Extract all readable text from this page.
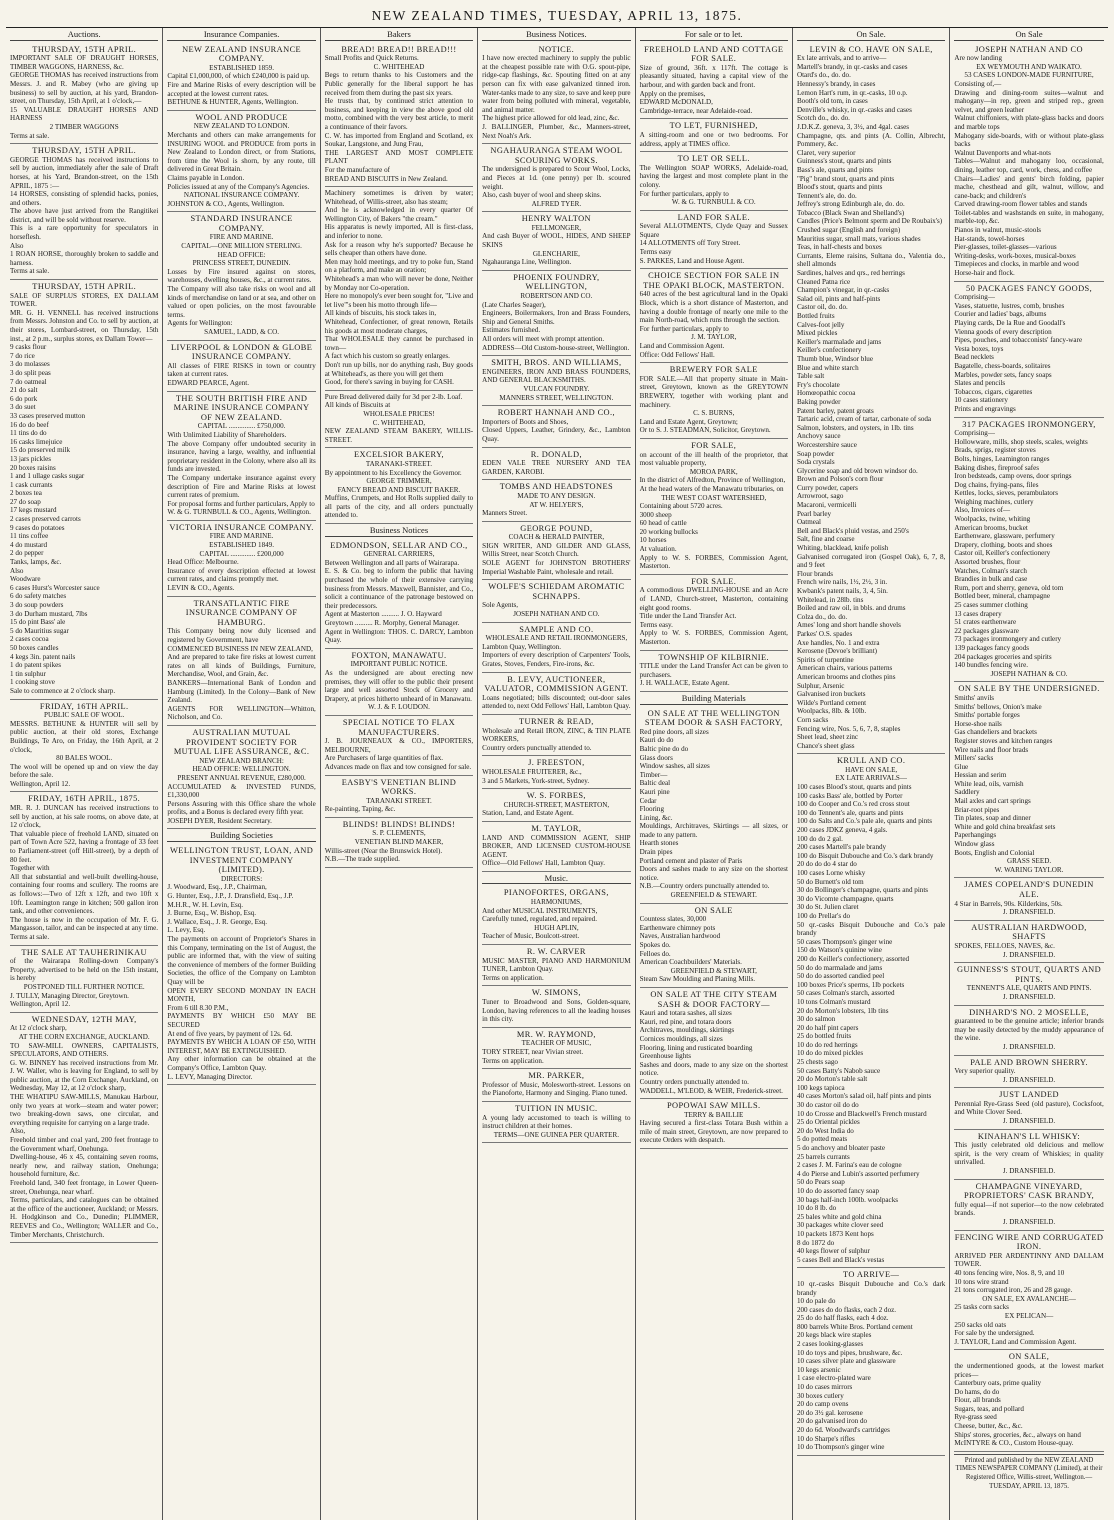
NEW ZEALAND TIMES, TUESDAY, APRIL 13, 1875.
Auctions.
THURSDAY, 15TH APRIL.
IMPORTANT SALE OF DRAUGHT HORSES, TIMBER WAGGONS, HARNESS, &c.
GEORGE THOMAS has received instructions from Messrs. J. and R. Mabey (who are giving up business) to sell by auction, at his yard, Brandon-street, on Thursday, 15th April, at 1 o'clock,—
15 VALUABLE DRAUGHT HORSES AND HARNESS
2 TIMBER WAGGONS
Terms at sale.
THURSDAY, 15TH APRIL.
GEORGE THOMAS has received instructions to sell by auction, immediately after the sale of Draft horses, at his Yard, Brandon-street, on the 15th APRIL, 1875 :—
14 HORSES, consisting of splendid hacks, ponies, and others.
The above have just arrived from the Rangitikei district, and will be sold without reserve.
This is a rare opportunity for speculators in horseflesh.
Also
1 ROAN HORSE, thoroughly broken to saddle and harness.
Terms at sale.
THURSDAY, 15TH APRIL.
SALE OF SURPLUS STORES, EX DALLAM TOWER.
MR. G. H. VENNELL has received instructions from Messrs. Johnston and Co. to sell by auction, at their stores, Lombard-street, on Thursday, 15th inst., at 2 p.m., surplus stores, ex Dallam Tower—
9 casks flour
7 do rice
3 do molasses
3 do split peas
7 do oatmeal
21 do salt
6 do pork
3 do suet
33 cases preserved mutton
16 do do beef
11 tins do do
16 casks limejuice
15 do preserved milk
13 jars pickles
20 boxes raisins
1 and 1 ullage casks sugar
1 cask currants
2 boxes tea
27 do soap
17 kegs mustard
2 cases preserved carrots
9 cases do potatoes
11 tins coffee
4 do mustard
2 do pepper
Tanks, lamps, &c.
Also
Woodware
6 cases Hurst's Worcester sauce
6 do safety matches
3 do soup powders
3 do Durham mustard, 7lbs
15 do pint Bass' ale
5 do Mauritius sugar
2 cases cocoa
50 boxes candles
4 kegs 3in. patent nails
1 do patent spikes
1 tin sulphur
1 cooking stove
Sale to commence at 2 o'clock sharp.
FRIDAY, 16TH APRIL.
PUBLIC SALE OF WOOL.
MESSRS. BETHUNE & HUNTER will sell by public auction, at their old stores, Exchange Buildings, Te Aro, on Friday, the 16th April, at 2 o'clock,
80 BALES WOOL.
The wool will be opened up and on view the day before the sale.
Wellington, April 12.
FRIDAY, 16TH APRIL, 1875.
MR. R. J. DUNCAN has received instructions to sell by auction, at his sale rooms, on above date, at 12 o'clock,
That valuable piece of freehold LAND, situated on part of Town Acre 522, having a frontage of 33 feet to Parliament-street (off Hill-street), by a depth of 80 feet.
Together with
All that substantial and well-built dwelling-house, containing four rooms and scullery. The rooms are as follows:—Two of 12ft x 12ft, and two 10ft x 10ft. Leamington range in kitchen; 500 gallon iron tank, and other conveniences.
The house is now in the occupation of Mr. F. G. Mangasson, tailor, and can be inspected at any time.
Terms at sale.
THE SALE AT TAUHERINIKAU
of the Wairarapa Rolling-down Company's Property, advertised to be held on the 15th instant, is hereby
POSTPONED TILL FURTHER NOTICE.
J. TULLY, Managing Director, Greytown.
Wellington, April 12.
WEDNESDAY, 12TH MAY,
At 12 o'clock sharp,
AT THE CORN EXCHANGE, AUCKLAND.
TO SAW-MILL OWNERS, CAPITALISTS, SPECULATORS, AND OTHERS.
G. W. BINNEY has received instructions from Mr. J. W. Waller, who is leaving for England, to sell by public auction, at the Corn Exchange, Auckland, on Wednesday, May 12, at 12 o'clock sharp,
THE WHATIPU SAW-MILLS, Manukau Harbour, only two years at work—steam and water power; two breaking-down saws, one circular, and everything requisite for carrying on a large trade.
Also,
Freehold timber and coal yard, 200 feet frontage to the Government wharf, Onehunga.
Dwelling-house, 46 x 45, containing seven rooms, nearly new, and railway station, Onehunga; household furniture, &c.
Freehold land, 340 feet frontage, in Lower Queen-street, Onehunga, near wharf.
Terms, particulars, and catalogues can be obtained at the office of the auctioneer, Auckland; or Messrs. H. Hodgkinson and Co., Dunedin; PLIMMER, REEVES and Co., Wellington; WALLER and Co., Timber Merchants, Christchurch.
Insurance Companies.
NEW ZEALAND INSURANCE COMPANY.
ESTABLISHED 1859.
Capital £1,000,000, of which £240,000 is paid up.
Fire and Marine Risks of every description will be accepted at the lowest current rates.
BETHUNE & HUNTER, Agents, Wellington.
WOOL AND PRODUCE
NEW ZEALAND TO LONDON.
Merchants and others can make arrangements for INSURING WOOL and PRODUCE from ports in New Zealand to London direct, or from Stations, from time the Wool is shorn, by any route, till delivered in Great Britain.
Claims payable in London.
Policies issued at any of the Company's Agencies.
NATIONAL INSURANCE COMPANY.
JOHNSTON & CO., Agents, Wellington.
STANDARD INSURANCE COMPANY.
FIRE AND MARINE.
CAPITAL—ONE MILLION STERLING.
HEAD OFFICE:
PRINCESS STREET, DUNEDIN.
Losses by Fire insured against on stores, warehouses, dwelling houses, &c., at current rates.
The Company will also take risks on wool and all kinds of merchandise on land or at sea, and other on valued or open policies, on the most favourable terms.
Agents for Wellington:
SAMUEL, LADD, & CO.
LIVERPOOL & LONDON & GLOBE INSURANCE COMPANY.
All classes of FIRE RISKS in town or country taken at current rates.
EDWARD PEARCE, Agent.
THE SOUTH BRITISH FIRE AND MARINE INSURANCE COMPANY OF NEW ZEALAND.
CAPITAL ............... £750,000.
With Unlimited Liability of Shareholders.
The above Company offer undoubted security in insurance, having a large, wealthy, and influential proprietary resident in the Colony, where also all its funds are invested.
The Company undertake insurance against every description of Fire and Marine Risks at lowest current rates of premium.
For proposal forms and further particulars, Apply to
W. & G. TURNBULL & CO., Agents, Wellington.
VICTORIA INSURANCE COMPANY.
FIRE AND MARINE.
ESTABLISHED 1849.
CAPITAL .............. £200,000
Head Office: Melbourne.
Insurance of every description effected at lowest current rates, and claims promptly met.
LEVIN & CO., Agents.
TRANSATLANTIC FIRE INSURANCE COMPANY OF HAMBURG.
This Company being now duly licensed and registered by Government, have
COMMENCED BUSINESS IN NEW ZEALAND,
And are prepared to take fire risks at lowest current rates on all kinds of Buildings, Furniture, Merchandise, Wool, and Grain, &c.
BANKERS—International Bank of London and Hamburg (Limited). In the Colony—Bank of New Zealand.
AGENTS FOR WELLINGTON—Whitton, Nicholson, and Co.
AUSTRALIAN MUTUAL PROVIDENT SOCIETY FOR MUTUAL LIFE ASSURANCE, &C.
NEW ZEALAND BRANCH:
HEAD OFFICE: WELLINGTON.
PRESENT ANNUAL REVENUE, £280,000.
ACCUMULATED & INVESTED FUNDS, £1,330,000
Persons Assuring with this Office share the whole profits, and a Bonus is declared every fifth year.
JOSEPH DYER, Resident Secretary.
Building Societies
WELLINGTON TRUST, LOAN, AND INVESTMENT COMPANY (LIMITED).
DIRECTORS:
J. Woodward, Esq., J.P., Chairman,
G. Hunter, Esq., J.P., J. Dransfield, Esq., J.P.
M.H.R., W. H. Levin, Esq.
J. Burne, Esq., W. Bishop, Esq.
J. Wallace, Esq., J. R. George, Esq.
L. Levy, Esq.
The payments on account of Proprietor's Shares in this Company, terminating on the 1st of August, the public are informed that, with the view of suiting the convenience of members of the former Building Societies, the office of the Company on Lambton Quay will be
OPEN EVERY SECOND MONDAY IN EACH MONTH,
From 6 till 8.30 P.M.,
PAYMENTS BY WHICH £50 MAY BE SECURED
At end of five years, by payment of 12s. 6d.
PAYMENTS BY WHICH A LOAN OF £50, WITH INTEREST, MAY BE EXTINGUISHED.
Any other information can be obtained at the Company's Office, Lambton Quay.
L. LEVY, Managing Director.
Bakers
BREAD! BREAD!! BREAD!!!
Small Profits and Quick Returns.
C. WHITEHEAD
Begs to return thanks to his Customers and the Public generally for the liberal support he has received from them during the past six years.
He trusts that, by continued strict attention to business, and keeping in view the above good old motto, combined with the very best article, to merit a continuance of their favors.
C. W. has imported from England and Scotland, ex Soukar, Langstone, and Jung Frau,
THE LARGEST AND MOST COMPLETE PLANT
For the manufacture of
BREAD AND BISCUITS in New Zealand.
Machinery sometimes is driven by water; Whitehead, of Willis-street, also has steam;
And he is acknowledged in every quarter Of Wellington City, of Bakers "the cream."
His apparatus is newly imported, All is first-class, and inferior to none.
Ask for a reason why he's supported? Because he sells cheaper than others have done.
Men may hold meetings, and try to poke fun, Stand on a platform, and make an oration;
Whitehead's a man who will never be done, Neither by Monday nor Co-operation.
Here no monopoly's ever been sought for, "Live and let live"'s been his motto through life—
All kinds of biscuits, his stock takes in,
Whitehead, Confectioner, of great renown, Retails his goods at most moderate charges,
That WHOLESALE they cannot be purchased in town—
A fact which his custom so greatly enlarges.
Don't run up bills, nor do anything rash, Buy goods at Whitehead's, as there you will get them
Good, for there's saving in buying for CASH.
Pure Bread delivered daily for 3d per 2-lb. Loaf.
All kinds of Biscuits at
WHOLESALE PRICES!
C. WHITEHEAD,
NEW ZEALAND STEAM BAKERY, WILLIS-STREET.
EXCELSIOR BAKERY,
TARANAKI-STREET.
By appointment to his Excellency the Governor.
GEORGE TRIMMER,
FANCY BREAD AND BISCUIT BAKER.
Muffins, Crumpets, and Hot Rolls supplied daily to all parts of the city, and all orders punctually attended to.
Business Notices
EDMONDSON, SELLAR AND CO.,
GENERAL CARRIERS,
Between Wellington and all parts of Wairarapa.
E. S. & Co. beg to inform the public that having purchased the whole of their extensive carrying business from Messrs. Maxwell, Bannister, and Co., solicit a continuance of the patronage bestowed on their predecessors.
Agent at Masterton .......... J. O. Hayward
Greytown .......... R. Morphy, General Manager.
Agent in Wellington: THOS. C. DARCY, Lambton Quay.
FOXTON, MANAWATU.
IMPORTANT PUBLIC NOTICE.
As the undersigned are about erecting new premises, they will offer to the public their present large and well assorted Stock of Grocery and Drapery, at prices hitherto unheard of in Manawatu.
W. J. & F. LOUDON.
SPECIAL NOTICE TO FLAX MANUFACTURERS.
J. B. JOURNEAUX & CO., IMPORTERS, MELBOURNE,
Are Purchasers of large quantities of flax.
Advances made on flax and tow consigned for sale.
EASBY'S VENETIAN BLIND WORKS.
TARANAKI STREET.
Re-painting, Taping, &c.
BLINDS! BLINDS! BLINDS!
S. P. CLEMENTS,
VENETIAN BLIND MAKER,
Willis-street (Near the Brunswick Hotel).
N.B.—The trade supplied.
Business Notices.
NOTICE.
I have now erected machinery to supply the public at the cheapest possible rate with O.G. spout-pipe, ridge-cap flashings, &c. Spouting fitted on at any person can fix with ease galvanized tinned iron. Water-tanks made to any size, to save and keep pure water from being polluted with mineral, vegetable, and animal matter.
The highest price allowed for old lead, zinc, &c.
J. BALLINGER, Plumber, &c., Manners-street, Next Noah's Ark.
NGAHAURANGA STEAM WOOL SCOURING WORKS.
The undersigned is prepared to Scour Wool, Locks, and Pieces at 1d. (one penny) per lb. scoured weight.
Also, cash buyer of wool and sheep skins.
ALFRED TYER.
HENRY WALTON
FELLMONGER,
And cash Buyer of WOOL, HIDES, AND SHEEP SKINS
GLENCHARIE,
Ngahauranga Line, Wellington.
PHOENIX FOUNDRY, WELLINGTON,
ROBERTSON AND CO.
(Late Charles Seager),
Engineers, Boilermakers, Iron and Brass Founders, Ship and General Smiths.
Estimates furnished.
All orders will meet with prompt attention.
ADDRESS—Old Custom-house-street, Wellington.
SMITH, BROS. AND WILLIAMS,
ENGINEERS, IRON AND BRASS FOUNDERS, AND GENERAL BLACKSMITHS.
VULCAN FOUNDRY.
MANNERS STREET, WELLINGTON.
ROBERT HANNAH AND CO.,
Importers of Boots and Shoes,
Closed Uppers, Leather, Grindery, &c., Lambton Quay.
R. DONALD,
EDEN VALE TREE NURSERY AND TEA GARDEN, KAROBI.
TOMBS AND HEADSTONES
MADE TO ANY DESIGN.
AT W. HELYER'S,
Manners Street.
GEORGE POUND,
COACH & HERALD PAINTER,
SIGN WRITER, AND GILDER AND GLASS, Willis Street, near Scotch Church.
SOLE AGENT for JOHNSTON BROTHERS' Imperial Washable Paint, wholesale and retail.
WOLFE'S SCHIEDAM AROMATIC SCHNAPPS.
Sole Agents,
JOSEPH NATHAN AND CO.
SAMPLE AND CO.
WHOLESALE AND RETAIL IRONMONGERS,
Lambton Quay, Wellington.
Importers of every description of Carpenters' Tools, Grates, Stoves, Fenders, Fire-irons, &c.
B. LEVY, AUCTIONEER, VALUATOR, COMMISSION AGENT.
Loans negotiated; bills discounted; out-door sales attended to, next Odd Fellows' Hall, Lambton Quay.
TURNER & READ,
Wholesale and Retail IRON, ZINC, & TIN PLATE WORKERS,
Country orders punctually attended to.
J. FREESTON,
WHOLESALE FRUITERER, &c.,
3 and 5 Markets, York-street, Sydney.
W. S. FORBES,
CHURCH-STREET, MASTERTON,
Station, Land, and Estate Agent.
M. TAYLOR,
LAND AND COMMISSION AGENT, SHIP BROKER, AND LICENSED CUSTOM-HOUSE AGENT.
Office—Old Fellows' Hall, Lambton Quay.
Music.
PIANOFORTES, ORGANS,
HARMONIUMS,
And other MUSICAL INSTRUMENTS,
Carefully tuned, regulated, and repaired.
HUGH APLIN,
Teacher of Music, Boulcott-street.
R. W. CARVER
MUSIC MASTER, PIANO AND HARMONIUM TUNER, Lambton Quay.
Terms on application.
W. SIMONS,
Tuner to Broadwood and Sons, Golden-square, London, having references to all the leading houses in this city.
MR. W. RAYMOND,
TEACHER OF MUSIC,
TORY STREET, near Vivian street.
Terms on application.
MR. PARKER,
Professor of Music, Molesworth-street. Lessons on the Pianoforte, Harmony and Singing. Piano tuned.
TUITION IN MUSIC.
A young lady accustomed to teach is willing to instruct children at their homes.
TERMS—ONE GUINEA PER QUARTER.
For sale or to let.
FREEHOLD LAND AND COTTAGE FOR SALE.
Size of ground, 36ft. x 117ft. The cottage is pleasantly situated, having a capital view of the harbour, and with garden back and front.
Apply on the premises,
EDWARD McDONALD,
Cambridge-terrace, near Adelaide-road.
TO LET, FURNISHED,
A sitting-room and one or two bedrooms. For address, apply at TIMES office.
TO LET OR SELL.
The Wellington SOAP WORKS, Adelaide-road, having the largest and most complete plant in the colony.
For further particulars, apply to
W. & G. TURNBULL & CO.
LAND FOR SALE.
Several ALLOTMENTS, Clyde Quay and Sussex Square
14 ALLOTMENTS off Tory Street.
Terms easy
S. PARKES, Land and House Agent.
CHOICE SECTION FOR SALE IN THE OPAKI BLOCK, MASTERTON.
640 acres of the best agricultural land in the Opaki Block, which is a short distance of Masterton, and having a double frontage of nearly one mile to the main North-road, which runs through the section.
For further particulars, apply to
J. M. TAYLOR,
Land and Commission Agent.
Office: Odd Fellows' Hall.
BREWERY FOR SALE
FOR SALE.—All that property situate in Main-street, Greytown, known as the GREYTOWN BREWERY, together with working plant and machinery.
C. S. BURNS,
Land and Estate Agent, Greytown;
Or to S. J. STEADMAN, Solicitor, Greytown.
FOR SALE,
on account of the ill health of the proprietor, that most valuable property,
MOROA PARK,
In the district of Alfredton, Province of Wellington,
At the head waters of the Manawatu tributaries, on
THE WEST COAST WATERSHED,
Containing about 5720 acres.
3000 sheep
60 head of cattle
20 working bullocks
10 horses
At valuation.
Apply to W. S. FORBES, Commission Agent, Masterton.
FOR SALE.
A commodious DWELLING-HOUSE and an Acre of LAND, Church-street, Masterton, containing eight good rooms.
Title under the Land Transfer Act.
Terms easy.
Apply to W. S. FORBES, Commission Agent, Masterton.
TOWNSHIP OF KILBIRNIE.
TITLE under the Land Transfer Act can be given to purchasers.
J. H. WALLACE, Estate Agent.
Building Materials
ON SALE AT THE WELLINGTON STEAM DOOR & SASH FACTORY,
Red pine doors, all sizes
Kauri do do
Baltic pine do do
Glass doors
Window sashes, all sizes
Timber—
Baltic deal
Kauri pine
Cedar
Flooring
Lining, &c.
Mouldings, Architraves, Skirtings — all sizes, or made to any pattern.
Hearth stones
Drain pipes
Portland cement and plaster of Paris
Doors and sashes made to any size on the shortest notice.
N.B.—Country orders punctually attended to.
GREENFIELD & STEWART.
ON SALE
Countess slates, 30,000
Earthenware chimney pots
Naves, Australian hardwood
Spokes do.
Felloes do.
American Coachbuilders' Materials.
GREENFIELD & STEWART,
Steam Saw Moulding and Planing Mills.
ON SALE AT THE CITY STEAM SASH & DOOR FACTORY—
Kauri and totara sashes, all sizes
Kauri, red pine, and totara doors
Architraves, mouldings, skirtings
Cornices mouldings, all sizes
Flooring, lining and rusticated boarding
Greenhouse lights
Sashes and doors, made to any size on the shortest notice.
Country orders punctually attended to.
WADDELL, M'LEOD, & WEIR, Frederick-street.
POPOWAI SAW MILLS.
TERRY & BAILLIE
Having secured a first-class Totara Bush within a mile of main street, Greytown, are now prepared to execute Orders with despatch.
On Sale.
LEVIN & CO. HAVE ON SALE,
Ex late arrivals, and to arrive—
Martell's brandy, in qr.-casks and cases
Otard's do., do. do.
Hennessy's brandy, in cases
Lemon Hart's rum, in qr.-casks, 10 o.p.
Booth's old tom, in cases
Denville's whisky, in qr.-casks and cases
Scotch do., do. do.
J.D.K.Z. geneva, 3, 3½, and 4gal. cases
Champagne, qts. and pints (A. Collin, Albrecht, Pommery, &c.
Claret, very superior
Guinness's stout, quarts and pints
Bass's ale, quarts and pints
"Pig" brand stout, quarts and pints
Blood's stout, quarts and pints
Tennent's ale, do. do.
Jeffrey's strong Edinburgh ale, do. do.
Tobacco (Black Swan and Shelland's)
Candles (Price's Belmont sperm and De Roubaix's)
Crushed sugar (English and foreign)
Mauritius sugar, small mats, various shades
Teas, in half-chests and boxes
Currants, Eleme raisins, Sultana do., Valentia do., shell almonds
Sardines, halves and qrs., red herrings
Cleaned Patna rice
Champion's vinegar, in qr.-casks
Salad oil, pints and half-pints
Castor oil, do. do.
Bottled fruits
Calves-foot jelly
Mixed pickles
Keiller's marmalade and jams
Keiller's confectionery
Thumb blue, Windsor blue
Blue and white starch
Table salt
Fry's chocolate
Homœopathic cocoa
Baking powder
Patent barley, patent groats
Tartaric acid, cream of tartar, carbonate of soda
Salmon, lobsters, and oysters, in 1lb. tins
Anchovy sauce
Worcestershire sauce
Soap powder
Soda crystals
Glycerine soap and old brown windsor do.
Brown and Polson's corn flour
Curry powder, capers
Arrowroot, sago
Macaroni, vermicelli
Pearl barley
Oatmeal
Bell and Black's pluid vestas, and 250's
Salt, fine and coarse
Whiting, blacklead, knife polish
Galvanised corrugated iron (Gospel Oak), 6, 7, 8, and 9 feet
Flour brands
French wire nails, 1½, 2½, 3 in.
Kwbank's patent nails, 3, 4, 5in.
Whitelead, in 28lb. tins
Boiled and raw oil, in bbls. and drums
Colza do., do. do.
Ames' long and short handle shovels
Parkes' O.S. spades
Axe handles, No. 1 and extra
Kerosene (Devoe's brilliant)
Spirits of turpentine
American chairs, various patterns
American brooms and clothes pins
Sulphur, Arsenic
Galvanised iron buckets
Wilde's Portland cement
Woolpacks, 8lb. & 10lb.
Corn sacks
Fencing wire, Nos. 5, 6, 7, 8, staples
Sheet lead, sheet zinc
Chance's sheet glass
KRULL AND CO.
HAVE ON SALE,
EX LATE ARRIVALS—
100 cases Blood's stout, quarts and pints
100 casks Bass' ale, bottled by Porter
100 do Cooper and Co.'s red cross stout
100 do Tennent's ale, quarts and pints
100 do Salts and Co.'s pale ale, quarts and pints
200 cases JDKZ geneva, 4 gals.
100 do do 2 gal.
200 cases Martell's pale brandy
100 do Bisquit Dubouche and Co.'s dark brandy
20 do do do 4 star do
100 cases Lorne whisky
50 do Burnett's old tom
30 do Bollinger's champagne, quarts and pints
30 do Vicomte champagne, quarts
30 do St. Julien claret
100 do Prellar's do
50 qr.-casks Bisquit Dubouche and Co.'s pale brandy
50 cases Thompson's ginger wine
150 do Watson's quinine wine
200 do Keiller's confectionery, assorted
50 do do marmalade and jams
50 do do assorted candied peel
100 boxes Price's sperms, 1lb pockets
50 cases Colman's starch, assorted
10 tons Colman's mustard
20 do Morton's lobsters, 1lb tins
30 do salmon
20 do half pint capers
25 do bottled fruits
10 do do red herrings
10 do do mixed pickles
25 chests sago
50 cases Batty's Nabob sauce
20 do Morton's table salt
100 kegs tapioca
40 cases Morton's salad oil, half pints and pints
30 do castor oil do do
10 do Crosse and Blackwell's French mustard
25 do Oriental pickles
20 do West India do
5 do potted meats
5 do anchovy and bloater paste
25 barrels currants
2 cases J. M. Farina's eau de cologne
4 do Pierse and Lubin's assorted perfumery
50 do Pears soap
10 do do assorted fancy soap
30 bags half-inch 100lb. woolpacks
10 do 8 lb. do
25 bales white and gold china
30 packages white clover seed
10 packets 1873 Kent hops
8 do 1872 do
40 kegs flower of sulphur
5 cases Bell and Black's vestas
TO ARRIVE—
10 qr.-casks Bisquit Dubouche and Co.'s dark brandy
10 do pale do
200 cases do do flasks, each 2 doz.
25 do do half flasks, each 4 doz.
800 barrels White Bros. Portland cement
20 kegs black wire staples
2 cases looking-glasses
10 do toys and pipes, brushware, &c.
10 cases silver plate and glassware
10 kegs arsenic
1 case electro-plated ware
10 do cases mirrors
30 boxes cutlery
20 do camp ovens
20 do 3½ gal. kerosene
20 do galvanised iron do
20 do 6d. Woodward's cartridges
10 do Sharpe's rifles
10 do Thompson's ginger wine
On Sale
JOSEPH NATHAN AND CO
Are now landing
EX WEYMOUTH AND WAIKATO.
53 CASES LONDON-MADE FURNITURE,
Consisting of,—
Drawing and dining-room suites—walnut and mahogany—in rep, green and striped rep., green velvet, and green leather
Walnut chiffoniers, with plate-glass backs and doors and marble tops
Mahogany side-boards, with or without plate-glass backs
Walnut Davenports and what-nots
Tables—Walnut and mahogany loo, occasional, dining, leather top, card, work, chess, and coffee
Chairs—Ladies' and gents' birch folding, papier mache, chesthead and gilt, walnut, willow, and cane-back; and children's
Carved drawing-room flower tables and stands
Toilet-tables and washstands en suite, in mahogany, marble-top, &c.
Pianos in walnut, music-stools
Hat-stands, towel-horses
Pier-glasses, toilet-glasses—various
Writing-desks, work-boxes, musical-boxes
Timepieces and clocks, in marble and wood
Horse-hair and flock.
50 PACKAGES FANCY GOODS,
Comprising—
Vases, statuette, lustres, comb, brushes
Courier and ladies' bags, albums
Playing cards, De la Rue and Goodall's
Vienna goods of every description
Pipes, pouches, and tobacconists' fancy-ware
Vesta boxes, toys
Bead necklets
Bagatelle, chess-boards, solitaires
Marbles, powder sets, fancy soaps
Slates and pencils
Tobaccos, cigars, cigarettes
10 cases stationery
Prints and engravings
317 PACKAGES IRONMONGERY,
Comprising—
Hollowware, mills, shop steels, scales, weights
Brads, sprigs, register stoves
Bolts, hinges, Leamington ranges
Baking dishes, fireproof safes
Iron bedsteads, camp ovens, door springs
Dog chains, frying-pans, files
Kettles, locks, sieves, perambulators
Weighing machines, cutlery
Also, Invoices of—
Woolpacks, twine, whiting
American brooms, bucket
Earthenware, glassware, perfumery
Drapery, clothing, boots and shoes
Castor oil, Keiller's confectionery
Assorted brushes, flour
Watches, Colman's starch
Brandies in bulk and case
Rum, port and sherry, geneva, old tom
Bottled beer, mineral, champagne
25 cases summer clothing
13 cases drapery
51 crates earthenware
22 packages glassware
73 packages ironmongery and cutlery
139 packages fancy goods
204 packages groceries and spirits
140 bundles fencing wire.
JOSEPH NATHAN & CO.
ON SALE BY THE UNDERSIGNED.
Smiths' anvils
Smiths' bellows, Onion's make
Smiths' portable forges
Horse-shoe nails
Gas chandeliers and brackets
Register stoves and kitchen ranges
Wire nails and floor brads
Millers' sacks
Glue
Hessian and serim
White lead, oils, varnish
Saddlery
Mail axles and cart springs
Briar-root pipes
Tin plates, soap and dinner
White and gold china breakfast sets
Paperhangings
Window glass
Boots, English and Colonial
GRASS SEED.
W. WARING TAYLOR.
JAMES COPELAND'S DUNEDIN ALE.
4 Star in Barrels, 90s. Kilderkins, 50s.
J. DRANSFIELD.
AUSTRALIAN HARDWOOD, SHAFTS
SPOKES, FELLOES, NAVES, &c.
J. DRANSFIELD.
GUINNESS'S STOUT, QUARTS AND PINTS.
TENNENT'S ALE, QUARTS AND PINTS.
J. DRANSFIELD.
DINHARD'S NO. 2 MOSELLE,
guaranteed to be the genuine article; inferior brands may be easily detected by the muddy appearance of the wine.
J. DRANSFIELD.
PALE AND BROWN SHERRY.
Very superior quality.
J. DRANSFIELD.
JUST LANDED
Perennial Rye-Grass Seed (old pasture), Cocksfoot, and White Clover Seed.
J. DRANSFIELD.
KINAHAN'S LL WHISKY:
This justly celebrated old delicious and mellow spirit, is the very cream of Whiskies; in quality unrivalled.
J. DRANSFIELD.
CHAMPAGNE VINEYARD, PROPRIETORS' CASK BRANDY,
fully equal—if not superior—to the now celebrated brands.
J. DRANSFIELD.
FENCING WIRE AND CORRUGATED IRON.
ARRIVED PER ARDENTINNY AND DALLAM TOWER.
40 tons fencing wire, Nos. 8, 9, and 10
10 tons wire strand
21 tons corrugated iron, 26 and 28 gauge.
ON SALE, EX AVALANCHE—
25 tasks corn sacks
EX PELICAN—
250 sacks old oats
For sale by the undersigned.
J. TAYLOR, Land and Commission Agent.
ON SALE,
the undermentioned goods, at the lowest market prices—
Canterbury oats, prime quality
Do hams, do do
Flour, all brands
Sugars, teas, and pollard
Rye-grass seed
Cheese, butter, &c., &c.
Ships' stores, groceries, &c., always on hand
McINTYRE & CO., Custom House-quay.
Printed and published by the NEW ZEALAND TIMES NEWSPAPER COMPANY (Limited), at their Registered Office, Willis-street, Wellington.—TUESDAY, APRIL 13, 1875.
